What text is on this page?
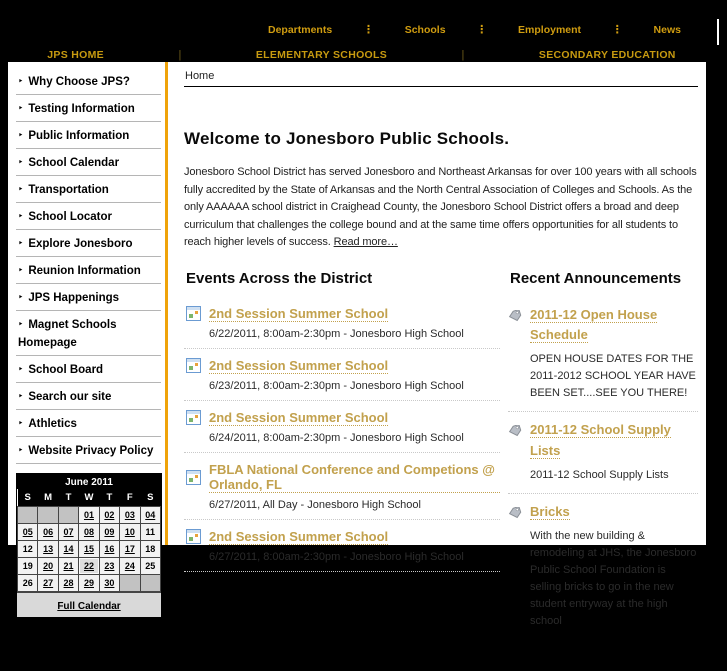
Departments	⋮	Schools	⋮	Employment	⋮	News
JPS HOME	|	ELEMENTARY SCHOOLS	|	SECONDARY EDUCATION
‣ Why Choose JPS?
‣ Testing Information
‣ Public Information
‣ School Calendar
‣ Transportation
‣ School Locator
‣ Explore Jonesboro
‣ Reunion Information
‣ JPS Happenings
‣ Magnet Schools Homepage
‣ School Board
‣ Search our site
‣ Athletics
‣ Website Privacy Policy
June 2011
S	M	T	W	T	F	S
			01	02	03	04
05	06	07	08	09	10	11
12	13	14	15	16	17	18
19	20	21	22	23	24	25
26	27	28	29	30		
Full Calendar
Central Office 870-933-5800
Pre-K	870-933-5876
Home
Welcome to Jonesboro Public Schools.

Jonesboro School District has served Jonesboro and Northeast Arkansas for over 100 years with all schools fully accredited by the State of Arkansas and the North Central Association of Colleges and Schools. As the only AAAAAA school district in Craighead County, the Jonesboro School District offers a broad and deep curriculum that challenges the college bound and at the same time offers opportunities for all students to reach higher levels of success. Read more…

Events Across the District
2nd Session Summer School
6/22/2011, 8:00am-2:30pm - Jonesboro High School
2nd Session Summer School
6/23/2011, 8:00am-2:30pm - Jonesboro High School
2nd Session Summer School
6/24/2011, 8:00am-2:30pm - Jonesboro High School
FBLA National Conference and Competions @ Orlando, FL
6/27/2011, All Day - Jonesboro High School
2nd Session Summer School
6/27/2011, 8:00am-2:30pm - Jonesboro High School
Recent Announcements
2011-12 Open House Schedule
OPEN HOUSE DATES FOR THE 2011-2012 SCHOOL YEAR HAVE BEEN SET....SEE YOU THERE!
2011-12 School Supply Lists
2011-12 School Supply Lists
Bricks
With the new building & remodeling at JHS, the Jonesboro Public School Foundation is selling bricks to go in the new student entryway at the high school
